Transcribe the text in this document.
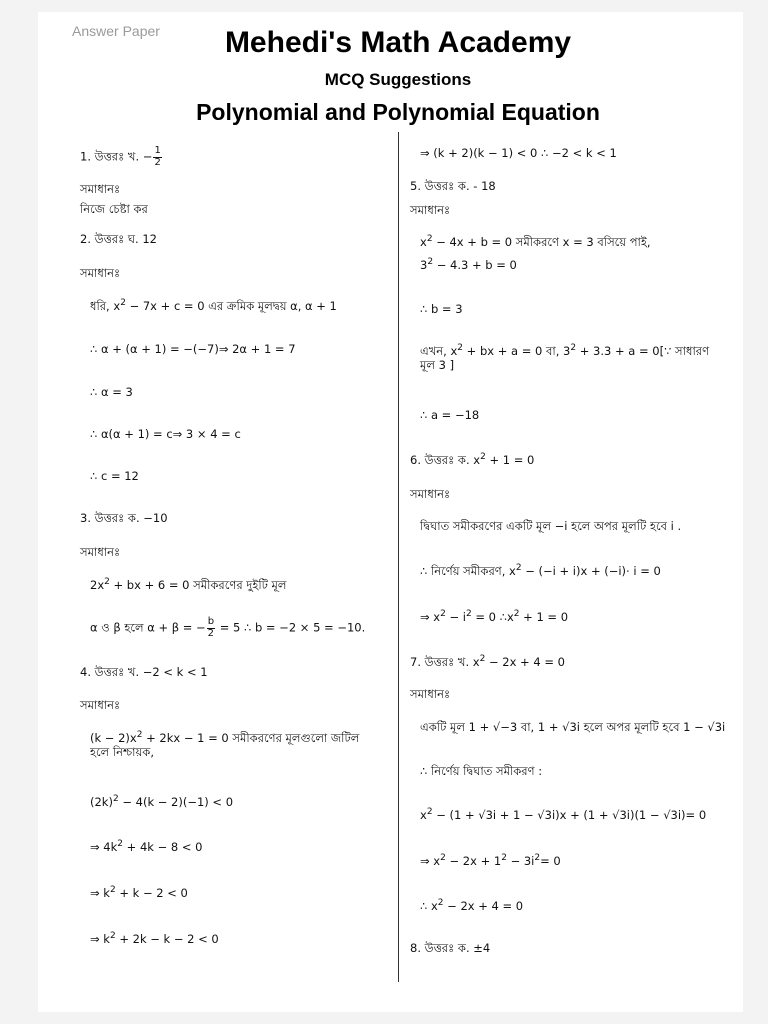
Answer Paper	Mehedi's Math Academy
MCQ Suggestions
Polynomial and Polynomial Equation
1. উত্তরঃ খ. − $\frac{1}{2}$
সমাধানঃ
নিজে চেষ্টা কর
2. উত্তরঃ ঘ. 12
সমাধানঃ
ধরি, $x^2 - 7x + c = 0$ এর ক্রমিক মূলদ্বয় α, α + 1
∴ α + (α + 1) = −(−7)⇒ 2α + 1 = 7
∴ α = 3
∴ α(α + 1) = c⇒ 3 × 4 = c
∴ c = 12
3. উত্তরঃ ক. −10
সমাধানঃ
$2x^2$ + bx + 6 = 0 সমীকরণের দুইটি মূল
α ও β হলে α + β = − $\frac{b}{2} = 5$ ∴ b = −2 × 5 = −10.
4. উত্তরঃ খ. −2 < k < 1
সমাধানঃ
$(k - 2)x^2 + 2kx - 1 = 0$ সমীকরণের মূলগুলো জটিল হলে নিশ্চায়ক,
$(2k)^2 - 4(k - 2)(-1) < 0$
⇒ $4k^2 + 4k - 8 < 0$
⇒ $k^2 + k - 2 < 0$
⇒ $k^2 + 2k - k - 2 < 0$
⇒ (k + 2)(k − 1) < 0 ∴ −2 < k < 1
5. উত্তরঃ ক. - 18
সমাধানঃ
$x^2 - 4x + b = 0$ সমীকরণে x = 3 বসিয়ে পাই,
$3^2 - 4.3 + b = 0$
∴ b = 3
এখন, $x^2$ + bx + a = 0 বা, $3^2 + 3.3 + a$ = 0[∵ সাধারণ মূল 3 ]
∴ a = −18
6. উত্তরঃ ক. $x^2 + 1 = 0$
সমাধানঃ
দ্বিঘাত সমীকরণের একটি মূল −i হলে অপর মূলটি হবে i .
∴ নির্ণেয় সমীকরণ, $x^2 - (-i + i)x + (-i)\cdot i = 0$
⇒ $x^2 - i^2 = 0$ $\therefore x^2 + 1 = 0$
7. উত্তরঃ খ. $x^2 - 2x + 4 = 0$
সমাধানঃ
একটি মূল 1 + √−3 বা, 1 + √3i হলে অপর মূলটি হবে 1 − √3i
∴ নির্ণেয় দ্বিঘাত সমীকরণ :
$x^2 - (1 + √3i + 1 - √3i)x + (1 + √3i)(1 - √3i)= 0$
⇒ $x^2 - 2x + 1^2 - 3i^2= 0$
∴ $x^2 - 2x + 4 = 0$
8. উত্তরঃ ক. ±4
